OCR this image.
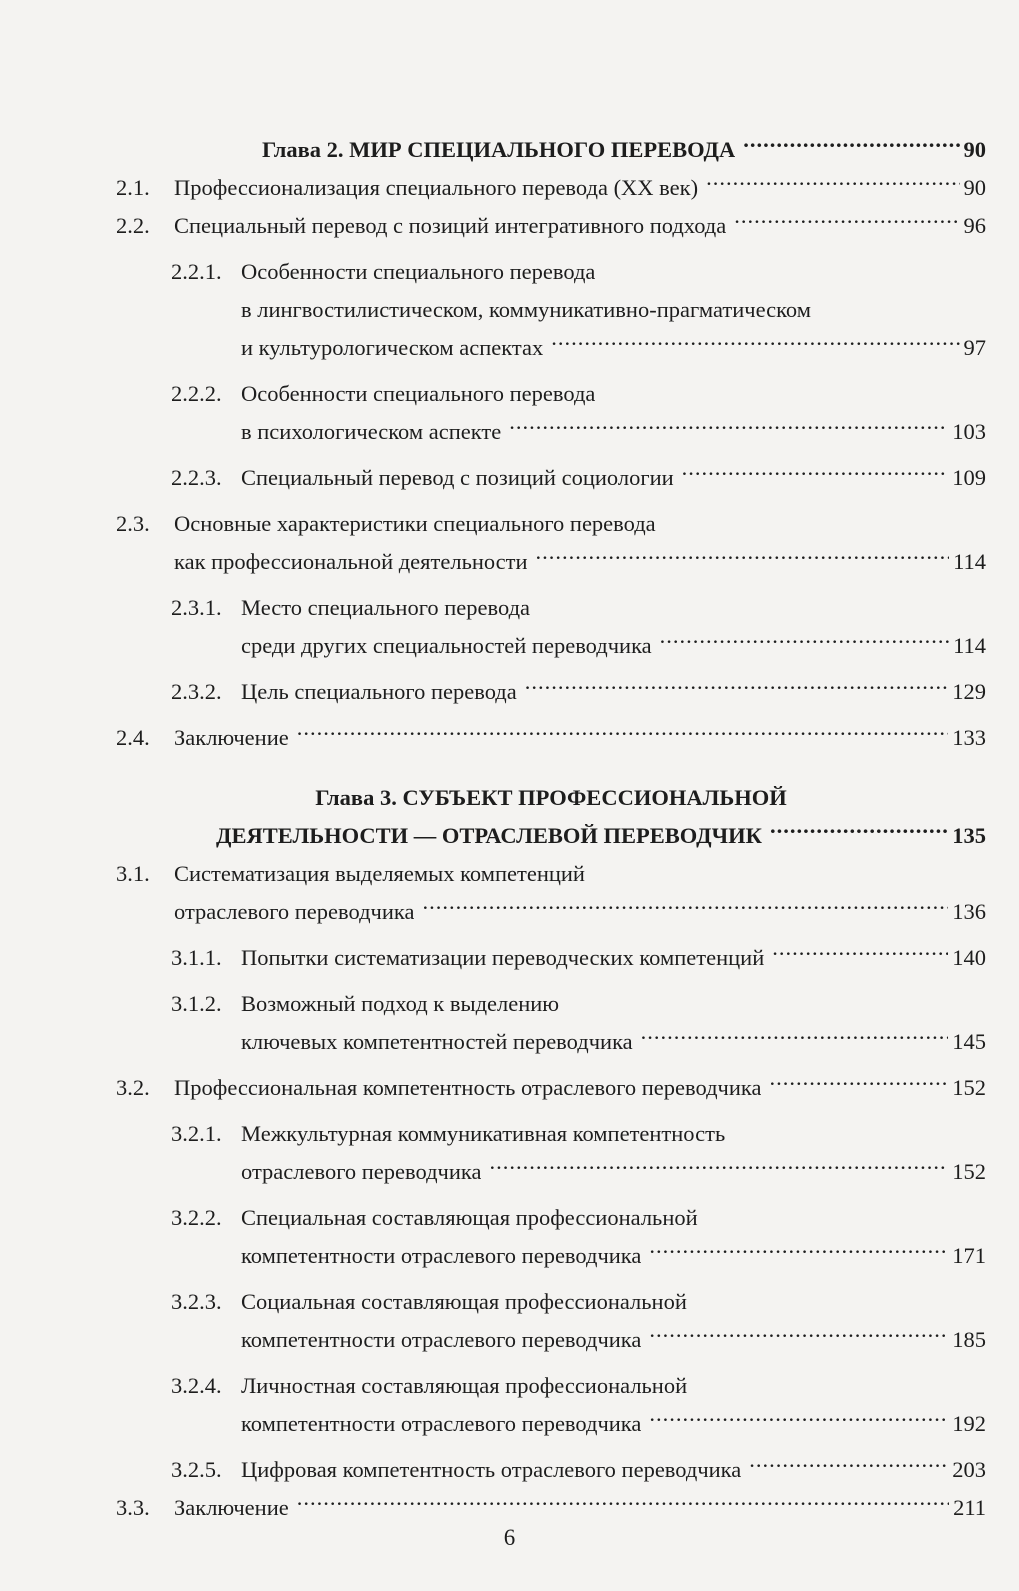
Глава 2. МИР СПЕЦИАЛЬНОГО ПЕРЕВОДА .....	90
2.1.	Профессионализация специального перевода (ХХ век) .....	90
2.2.	Специальный перевод с позиций интегративного подхода .....	96
2.2.1. Особенности специального перевода
в лингвостилистическом, коммуникативно-прагматическом
и культурологическом аспектах .....	97
2.2.2. Особенности специального перевода
в психологическом аспекте .....	103
2.2.3. Специальный перевод с позиций социологии .....	109
2.3.	Основные характеристики специального перевода
как профессиональной деятельности .....	114
2.3.1. Место специального перевода
среди других специальностей переводчика .....	114
2.3.2. Цель специального перевода .....	129
2.4.	Заключение .....	133
Глава 3. СУБЪЕКТ ПРОФЕССИОНАЛЬНОЙ
ДЕЯТЕЛЬНОСТИ — ОТРАСЛЕВОЙ ПЕРЕВОДЧИК .....	135
3.1.	Систематизация выделяемых компетенций
отраслевого переводчика .....	136
3.1.1. Попытки систематизации переводческих компетенций .....	140
3.1.2. Возможный подход к выделению
ключевых компетентностей переводчика .....	145
3.2.	Профессиональная компетентность отраслевого переводчика .....	152
3.2.1. Межкультурная коммуникативная компетентность
отраслевого переводчика .....	152
3.2.2. Специальная составляющая профессиональной
компетентности отраслевого переводчика .....	171
3.2.3. Социальная составляющая профессиональной
компетентности отраслевого переводчика .....	185
3.2.4. Личностная составляющая профессиональной
компетентности отраслевого переводчика .....	192
3.2.5. Цифровая компетентность отраслевого переводчика .....	203
3.3.	Заключение .....	211
6
